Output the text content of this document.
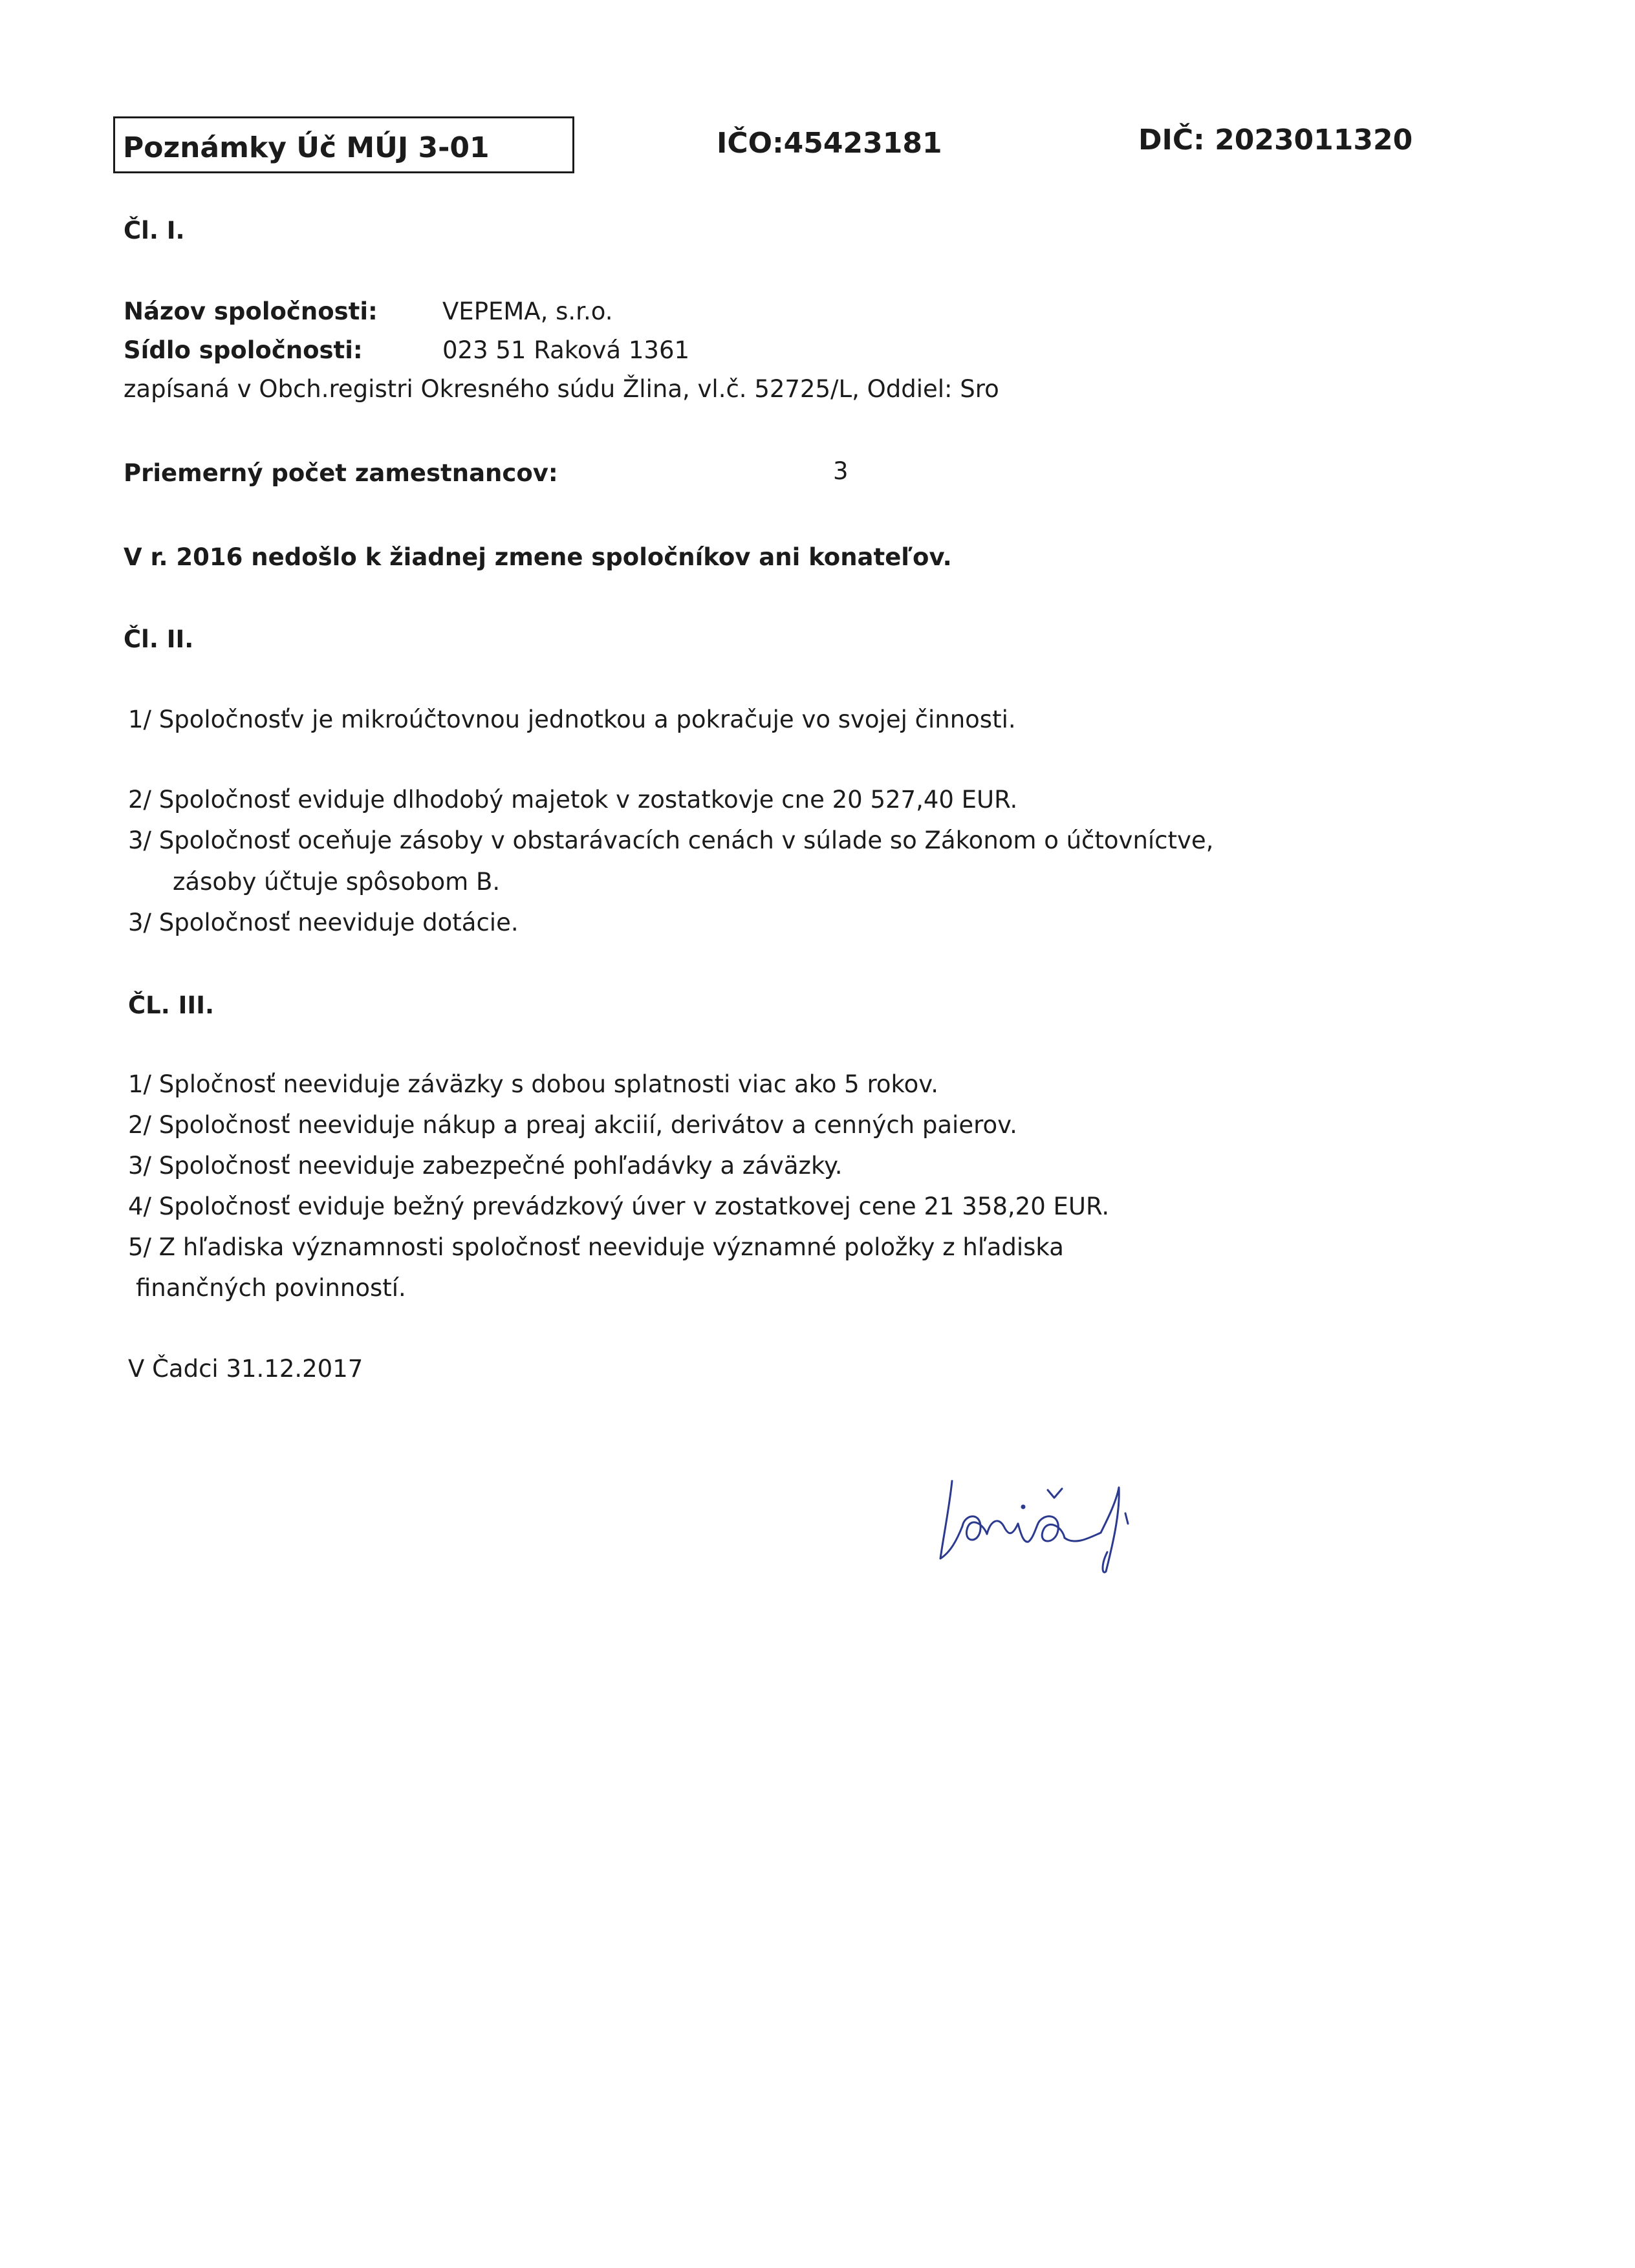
Poznámky Úč MÚJ 3-01	IČO:45423181	DIČ: 2023011320
Čl. I.
Názov spoločnosti:	VEPEMA, s.r.o.
Sídlo spoločnosti:	023 51 Raková 1361
zapísaná v Obch.registri Okresného súdu Žlina, vl.č. 52725/L, Oddiel: Sro
Priemerný počet zamestnancov:	3
V r. 2016 nedošlo k žiadnej zmene spoločníkov ani konateľov.
Čl. II.
1/ Spoločnosťv je mikroúčtovnou jednotkou a pokračuje vo svojej činnosti.
2/ Spoločnosť eviduje dlhodobý majetok v zostatkovje cne 20 527,40 EUR.
3/ Spoločnosť oceňuje zásoby v obstarávacích cenách v súlade so Zákonom o účtovníctve,
zásoby účtuje spôsobom B.
3/ Spoločnosť neeviduje dotácie.
ČL. III.
1/ Spločnosť neeviduje záväzky s dobou splatnosti viac ako 5 rokov.
2/ Spoločnosť neeviduje nákup a preaj akciií, derivátov a cenných paierov.
3/ Spoločnosť neeviduje zabezpečné pohľadávky a záväzky.
4/ Spoločnosť eviduje bežný prevádzkový úver v zostatkovej cene 21 358,20 EUR.
5/ Z hľadiska významnosti spoločnosť neeviduje významné položky z hľadiska
finančných povinností.
V Čadci 31.12.2017
